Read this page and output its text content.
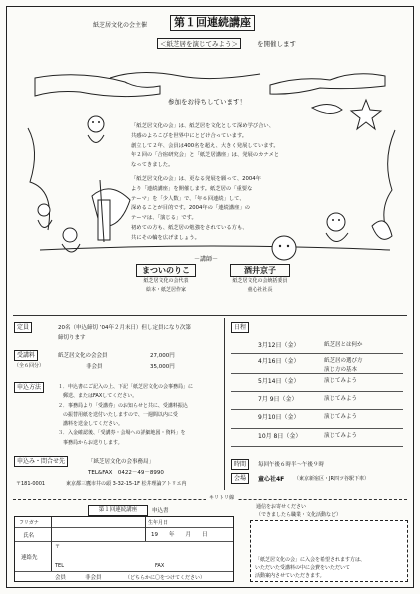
紙芝居文化の会主催	第１回連続講座
＜紙芝居を演じてみよう＞	を開催します
参加をお待ちしています！
「紙芝居文化の会」は、紙芝居を文化として深め学び合い、
共感のよろこびを世界中にとどけ合っています。
創立して２年、会員は400名を超え、大きく発展しています。
年２回の「合宿研究会」と「紙芝居講座」は、発展のカナメと
なってきました。
「紙芝居文化の会」は、更なる発展を願って、2004年
より「連続講座」を開催します。紙芝居の「重要な
テーマ」を「少人数」で、「年６回連続」して、
深めることが目的です。2004年の「連続講座」の
テーマは、「演じる」です。
初めての方も、紙芝居の勉強をされている方も、
共にその輪を広げましょう。
－講師－
まついのりこ
紙芝居文化の会代表
絵本・紙芝居作家
酒井京子
紙芝居文化の会統括委員
童心社社長
定員	20名（申込締切 ’04年２月末日）但し定員になり次第
締切ります
受講料
（全６回分）
紙芝居文化の会会員	27,000円
非会員	35,000円
申込方法	１．申込書にご記入の上、下記「紙芝居文化の会事務局」に
　郵送、またはFAXしてください。
２．事務局より「受講券」のお知らせと共に、受講料振込
　の振替用紙を送付いたしますので、一週間以内に受
　講料を送金してください。
３．入金確認後、「受講券・会場への詳細地図・資料」を
　事務局からお送りします。
申込み・問合せ先	「紙芝居文化の会事務局」
TEL&FAX　0422－49－8990
〒181-0001	東京都三鷹市井の頭 3-32-15-1F 松井理論アトリエ内
日程
3月12日（金）	紙芝居とは何か
4月16日（金）	紙芝居の選び方
演じ方の基本
5月14日（金）	演じてみよう
7月 9日（金）	演じてみよう
9月10日（金）	演じてみよう
10月 8日（金）	演じてみよう
時間	毎回午後６時半～午後９時
会場	童心社4F （東京新宿区・JR四ツ谷駅下車）
キリトリ線
第１回連続講座	申込書
フリガナ
氏名
生年月日
19　　年　　月　　日
連絡先
〒
TEL	FAX
会員	非会員	（どちらかに〇をつけてください）
通信をお寄せください
（できましたら職業・文化活動など）
「紙芝居文化の会」に入会を希望されます方は、
いただいた受講料の中に会費をいただいて
活動案内させていただきます。
